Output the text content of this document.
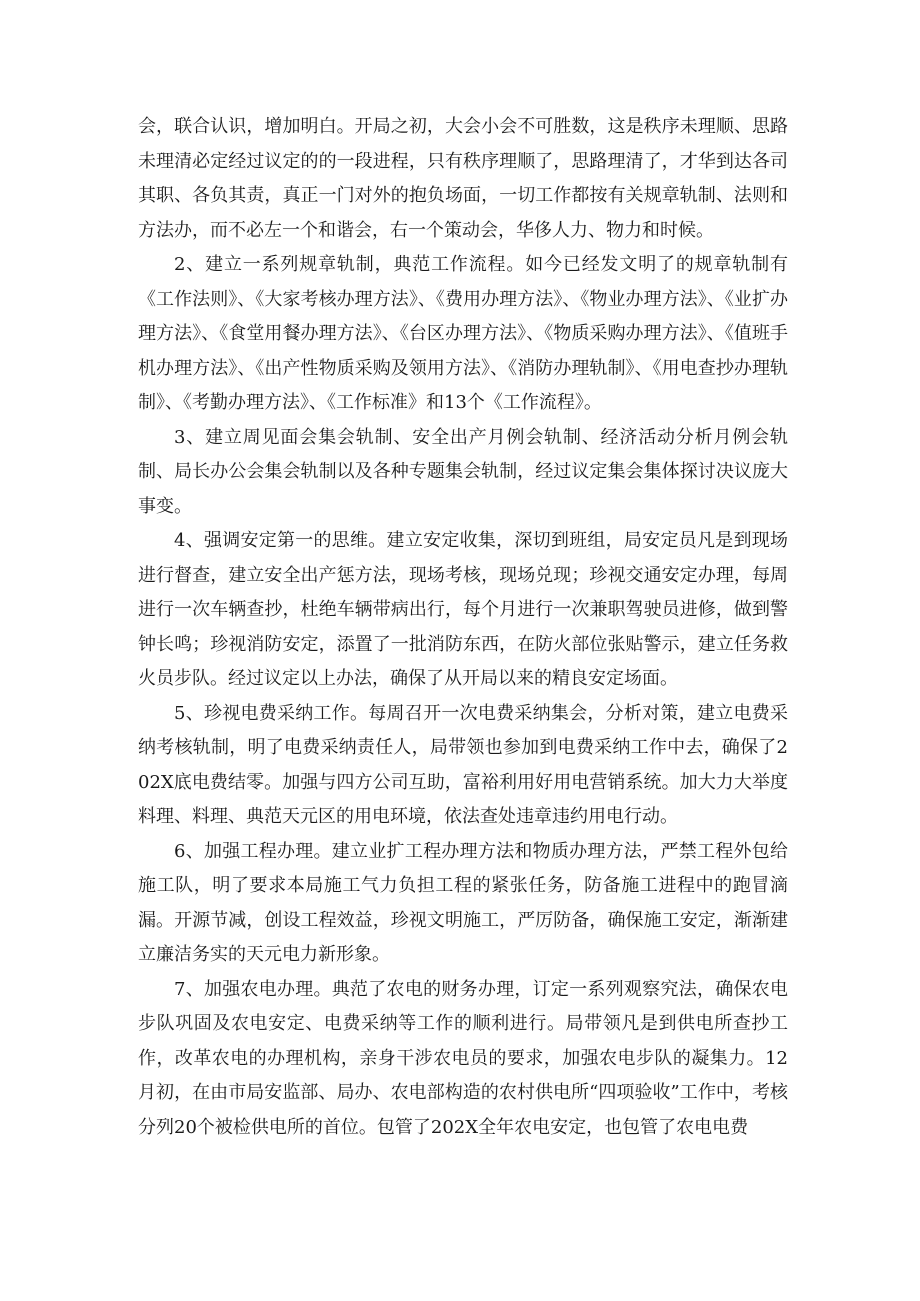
会，联合认识，增加明白。开局之初，大会小会不可胜数，这是秩序未理顺、思路未理清必定经过议定的的一段进程，只有秩序理顺了，思路理清了，才华到达各司其职、各负其责，真正一门对外的抱负场面，一切工作都按有关规章轨制、法则和方法办，而不必左一个和谐会，右一个策动会，华侈人力、物力和时候。

2、建立一系列规章轨制，典范工作流程。如今已经发文明了的规章轨制有《工作法则》、《大家考核办理方法》、《费用办理方法》、《物业办理方法》、《业扩办理方法》、《食堂用餐办理方法》、《台区办理方法》、《物质采购办理方法》、《值班手机办理方法》、《出产性物质采购及领用方法》、《消防办理轨制》、《用电查抄办理轨制》、《考勤办理方法》、《工作标准》和13个《工作流程》。

3、建立周见面会集会轨制、安全出产月例会轨制、经济活动分析月例会轨制、局长办公会集会轨制以及各种专题集会轨制，经过议定集会集体探讨决议庞大事变。

4、强调安定第一的思维。建立安定收集，深切到班组，局安定员凡是到现场进行督查，建立安全出产惩方法，现场考核，现场兑现；珍视交通安定办理，每周进行一次车辆查抄，杜绝车辆带病出行，每个月进行一次兼职驾驶员进修，做到警钟长鸣；珍视消防安定，添置了一批消防东西，在防火部位张贴警示，建立任务救火员步队。经过议定以上办法，确保了从开局以来的精良安定场面。

5、珍视电费采纳工作。每周召开一次电费采纳集会，分析对策，建立电费采纳考核轨制，明了电费采纳责任人，局带领也参加到电费采纳工作中去，确保了202X底电费结零。加强与四方公司互助，富裕利用好用电营销系统。加大力大举度料理、料理、典范天元区的用电环境，依法查处违章违约用电行动。

6、加强工程办理。建立业扩工程办理方法和物质办理方法，严禁工程外包给施工队，明了要求本局施工气力负担工程的紧张任务，防备施工进程中的跑冒滴漏。开源节减，创设工程效益，珍视文明施工，严厉防备，确保施工安定，渐渐建立廉洁务实的天元电力新形象。

7、加强农电办理。典范了农电的财务办理，订定一系列观察究法，确保农电步队巩固及农电安定、电费采纳等工作的顺利进行。局带领凡是到供电所查抄工作，改革农电的办理机构，亲身干涉农电员的要求，加强农电步队的凝集力。12月初，在由市局安监部、局办、农电部构造的农村供电所“四项验收”工作中，考核分列20个被检供电所的首位。包管了202X全年农电安定，也包管了农电电费
